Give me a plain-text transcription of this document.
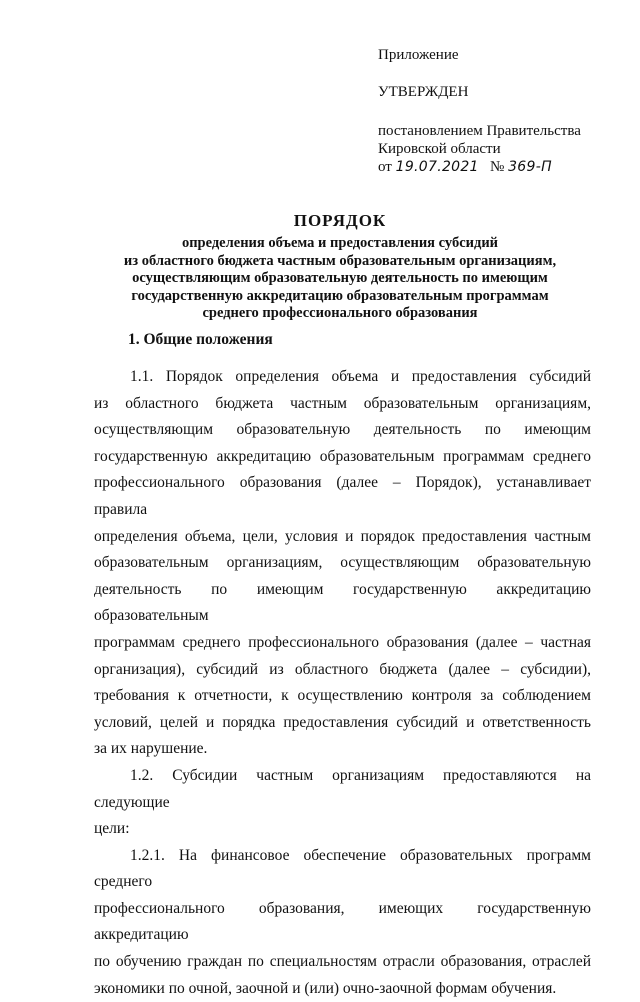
Приложение
УТВЕРЖДЕН
постановлением Правительства
Кировской области
от 19.07.2021 № 369-П
ПОРЯДОК
определения объема и предоставления субсидий
из областного бюджета частным образовательным организациям,
осуществляющим образовательную деятельность по имеющим
государственную аккредитацию образовательным программам
среднего профессионального образования
1. Общие положения

1.1. Порядок определения объема и предоставления субсидий
из областного бюджета частным образовательным организациям,
осуществляющим образовательную деятельность по имеющим
государственную аккредитацию образовательным программам среднего
профессионального образования (далее – Порядок), устанавливает правила
определения объема, цели, условия и порядок предоставления частным
образовательным организациям, осуществляющим образовательную
деятельность по имеющим государственную аккредитацию образовательным
программам среднего профессионального образования (далее – частная
организация), субсидий из областного бюджета (далее – субсидии),
требования к отчетности, к осуществлению контроля за соблюдением
условий, целей и порядка предоставления субсидий и ответственность
за их нарушение.

1.2. Субсидии частным организациям предоставляются на следующие
цели:

1.2.1. На финансовое обеспечение образовательных программ среднего
профессионального образования, имеющих государственную аккредитацию
по обучению граждан по специальностям отрасли образования, отраслей
экономики по очной, заочной и (или) очно-заочной формам обучения.
